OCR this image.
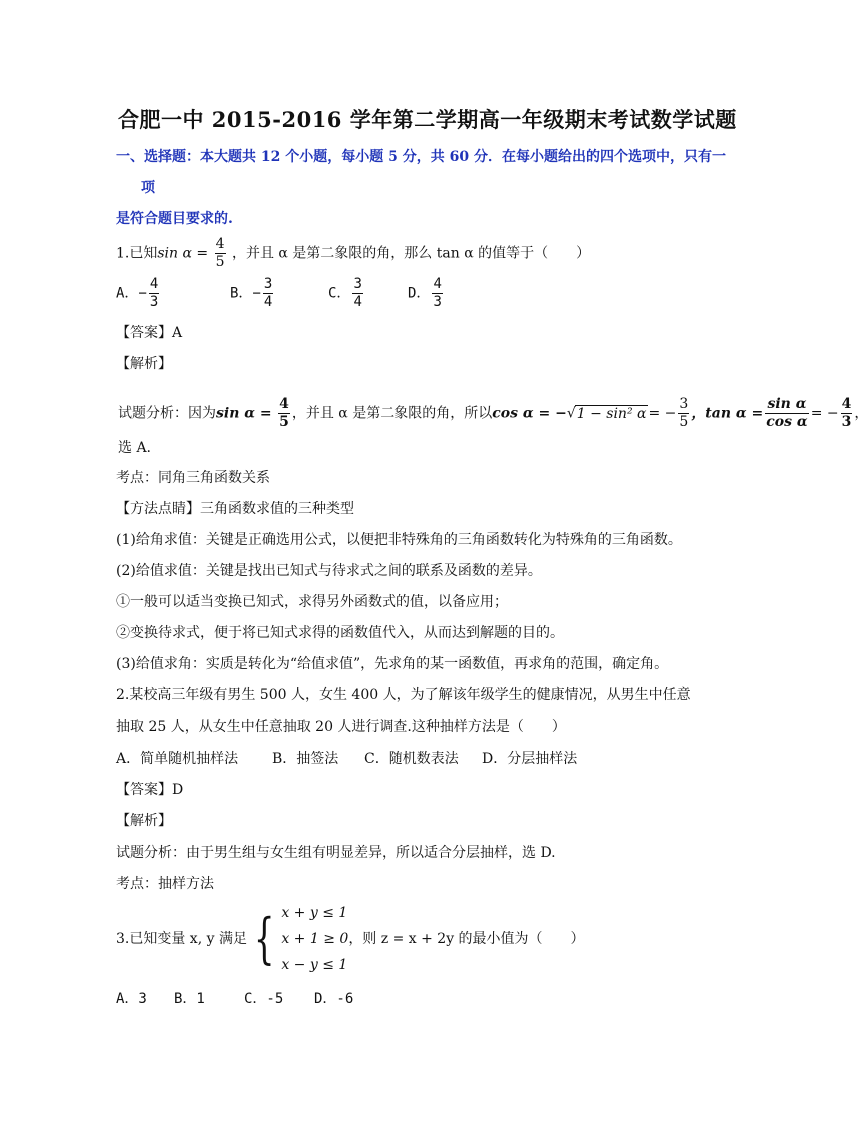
合肥一中 2015-2016 学年第二学期高一年级期末考试数学试题
一、选择题：本大题共 12 个小题，每小题 5 分，共 60 分．在每小题给出的四个选项中，只有一
项
是符合题目要求的.
1.已知$\sin \alpha = \frac{4}{5}$ ，并且 α 是第二象限的角，那么 tan α 的值等于（　　）
A．− $\frac{4}{3}$	B．− $\frac{3}{4}$	C． $\frac{3}{4}$	D． $\frac{4}{3}$
【答案】A
【解析】
试题分析：因为$\sin \alpha = \frac{4}{5}$ ，并且 α 是第二象限的角，所以cos α = −√1 − sin² α = − $\frac{3}{5}$ ，$\tan \alpha = \frac{\text{sin α}}{\text{cos α}}$ = − $\frac{4}{3}$ ，
选 A.
考点：同角三角函数关系
【方法点睛】三角函数求值的三种类型
(1)给角求值：关键是正确选用公式，以便把非特殊角的三角函数转化为特殊角的三角函数。
(2)给值求值：关键是找出已知式与待求式之间的联系及函数的差异。
①一般可以适当变换已知式，求得另外函数式的值，以备应用；
②变换待求式，便于将已知式求得的函数值代入，从而达到解题的目的。
(3)给值求角：实质是转化为“给值求值”，先求角的某一函数值，再求角的范围，确定角。
2.某校高三年级有男生 500 人，女生 400 人，为了解该年级学生的健康情况，从男生中任意
抽取 25 人，从女生中任意抽取 20 人进行调查.这种抽样方法是（　　）
A．简单随机抽样法 B．抽签法 C．随机数表法 D．分层抽样法
【答案】D
【解析】
试题分析：由于男生组与女生组有明显差异，所以适合分层抽样，选 D.
考点：抽样方法
3.已知变量 x, y 满足 { x + y ≤ 1
x + 1 ≥ 0
x − y ≤ 1
，则 z = x + 2y 的最小值为（　　）
A．3 B．1	C．-5 D．-6
